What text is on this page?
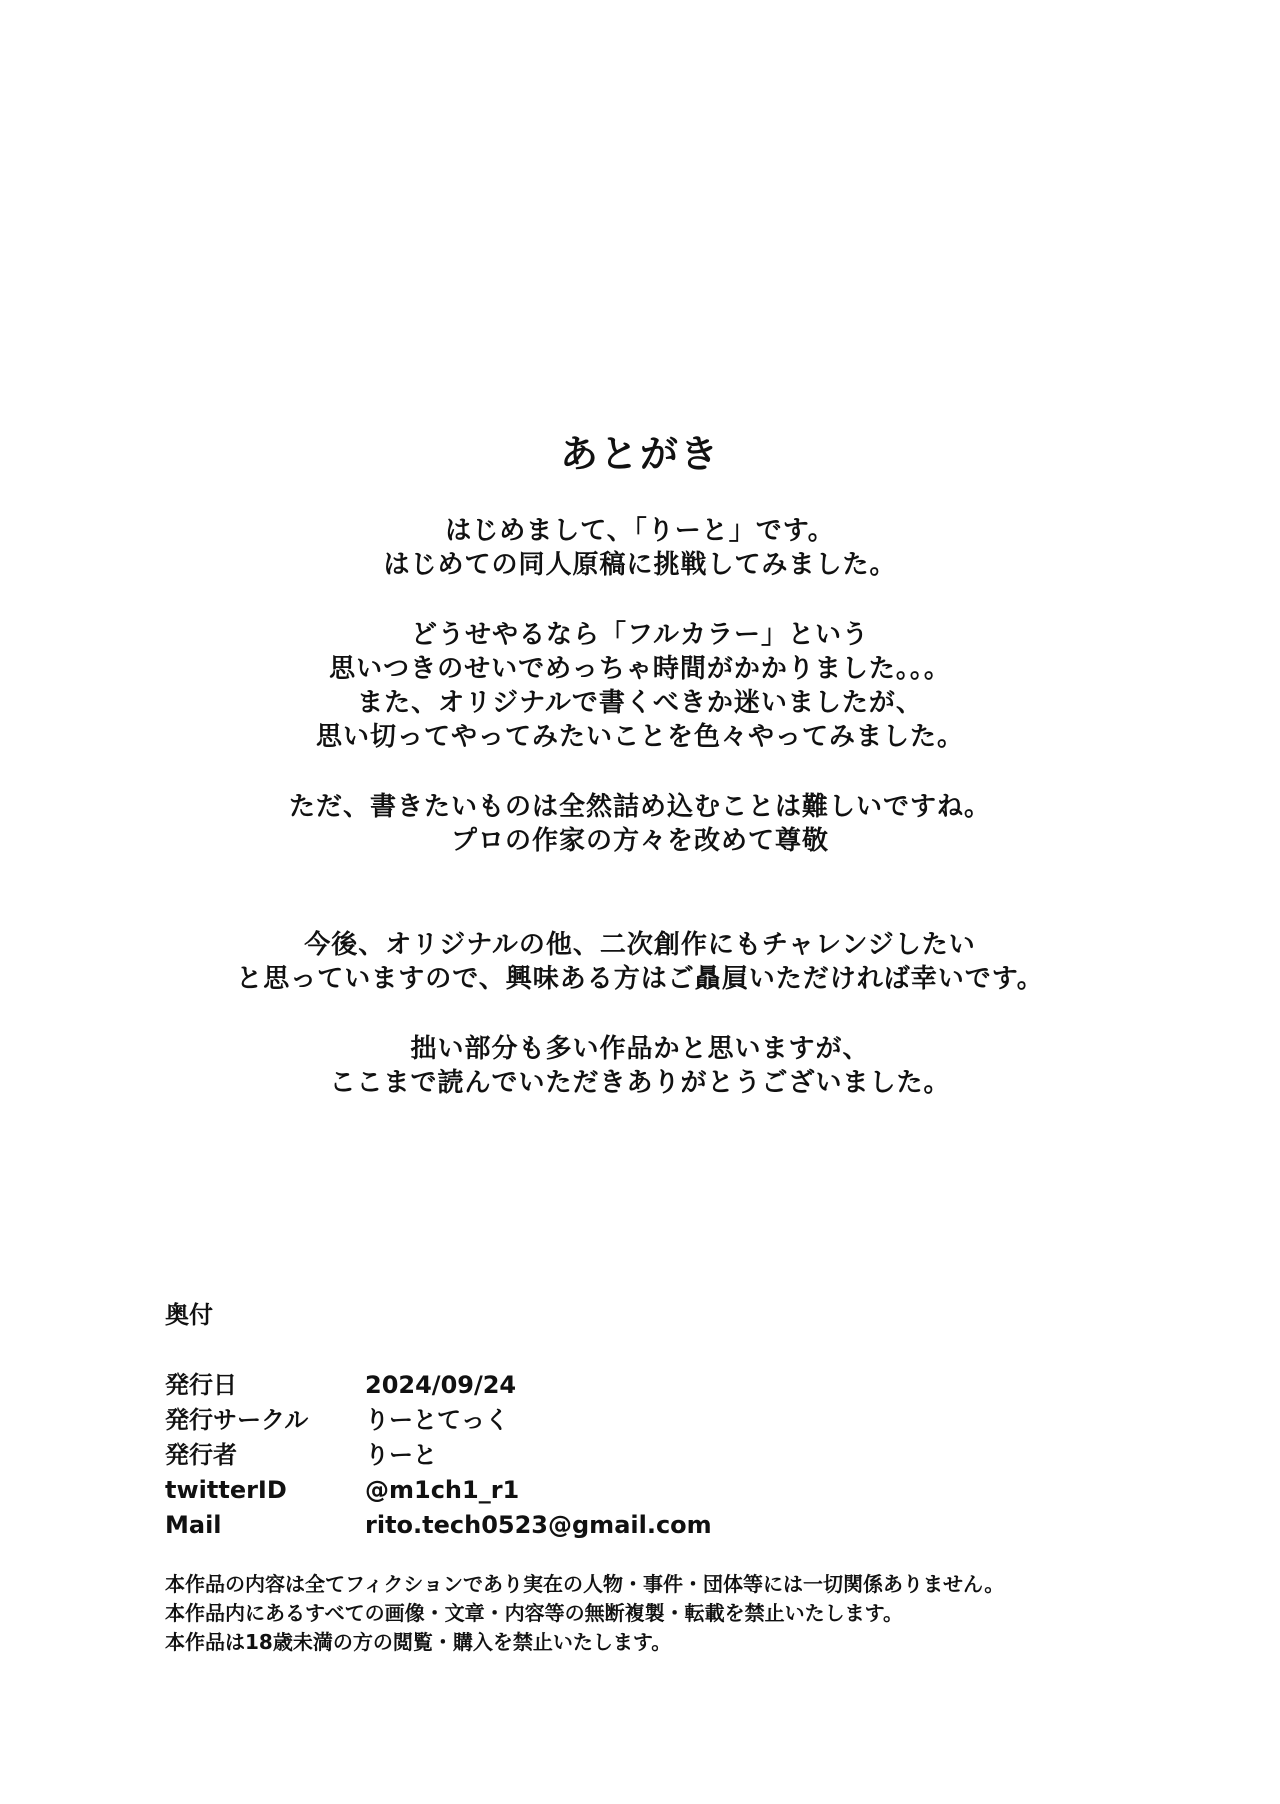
あとがき
はじめまして、「りーと」です。
はじめての同人原稿に挑戦してみました。
どうせやるなら「フルカラー」という
思いつきのせいでめっちゃ時間がかかりました。。。
また、オリジナルで書くべきか迷いましたが、
思い切ってやってみたいことを色々やってみました。
ただ、書きたいものは全然詰め込むことは難しいですね。
プロの作家の方々を改めて尊敬
今後、オリジナルの他、二次創作にもチャレンジしたい
と思っていますので、興味ある方はご贔屓いただければ幸いです。
拙い部分も多い作品かと思いますが、
ここまで読んでいただきありがとうございました。
奥付
発行日	2024/09/24
発行サークル	りーとてっく
発行者	りーと
twitterID	@m1ch1_r1
Mail	rito.tech0523@gmail.com
本作品の内容は全てフィクションであり実在の人物・事件・団体等には一切関係ありません。
本作品内にあるすべての画像・文章・内容等の無断複製・転載を禁止いたします。
本作品は18歳未満の方の閲覧・購入を禁止いたします。
